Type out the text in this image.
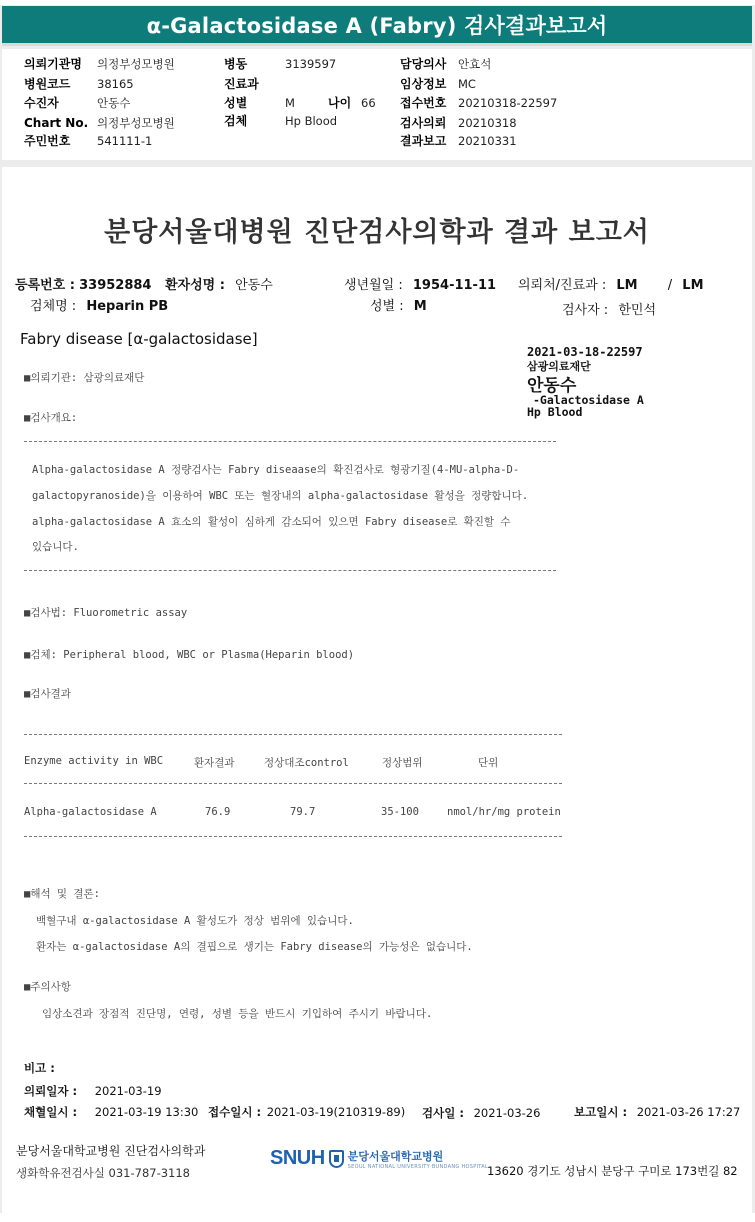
α-Galactosidase A (Fabry) 검사결과보고서
의뢰기관명 의정부성모병원
병원코드 38165
수진자	안동수
Chart No. 의정부성모병원
주민번호 541111-1
병동	3139597
진료과
성별	M	나이 66
검체	Hp Blood
담당의사 안효석
임상정보 MC
접수번호 20210318-22597
검사의뢰 20210318
결과보고 20210331
분당서울대병원 진단검사의학과 결과 보고서
등록번호 : 33952884 환자성명 : 안동수	생년월일 : 1954-11-11 의뢰처/진료과 : LM / LM
검체명 : Heparin PB	성별 : M	검사자 : 한민석
Fabry disease [α-galactosidase]
2021-03-18-22597
삼광의료재단
안동수
-Galactosidase A
Hp Blood
■의뢰기관: 삼광의료재단
■검사개요:
Alpha-galactosidase A 정량검사는 Fabry diseaase의 확진검사로 형광기질(4-MU-alpha-D-
galactopyranoside)을 이용하여 WBC 또는 혈장내의 alpha-galactosidase 활성을 정량합니다.
alpha-galactosidase A 효소의 활성이 심하게 감소되어 있으면 Fabry disease로 확진할 수
있습니다.
■검사법: Fluorometric assay
■검체: Peripheral blood, WBC or Plasma(Heparin blood)
■검사결과
Enzyme activity in WBC	환자결과	정상대조control	정상범위	단위
Alpha-galactosidase A	76.9	79.7	35-100	nmol/hr/mg protein
■해석 및 결론:
백혈구내 α-galactosidase A 활성도가 정상 범위에 있습니다.
환자는 α-galactosidase A의 결핍으로 생기는 Fabry disease의 가능성은 없습니다.
■주의사항
임상소견과 장점적 진단명, 연령, 성별 등을 반드시 기입하여 주시기 바랍니다.
비고 :
의뢰일자 : 2021-03-19
채혈일시 : 2021-03-19 13:30 접수일시 : 2021-03-19(210319-89) 검사일 : 2021-03-26	보고일시 : 2021-03-26 17:27
분당서울대학교병원 진단검사의학과
생화학유전검사실 031-787-3118
SNUH 분당서울대학교병원
SEOUL NATIONAL UNIVERSITY BUNDANG HOSPITAL
13620 경기도 성남시 분당구 구미로 173번길 82
